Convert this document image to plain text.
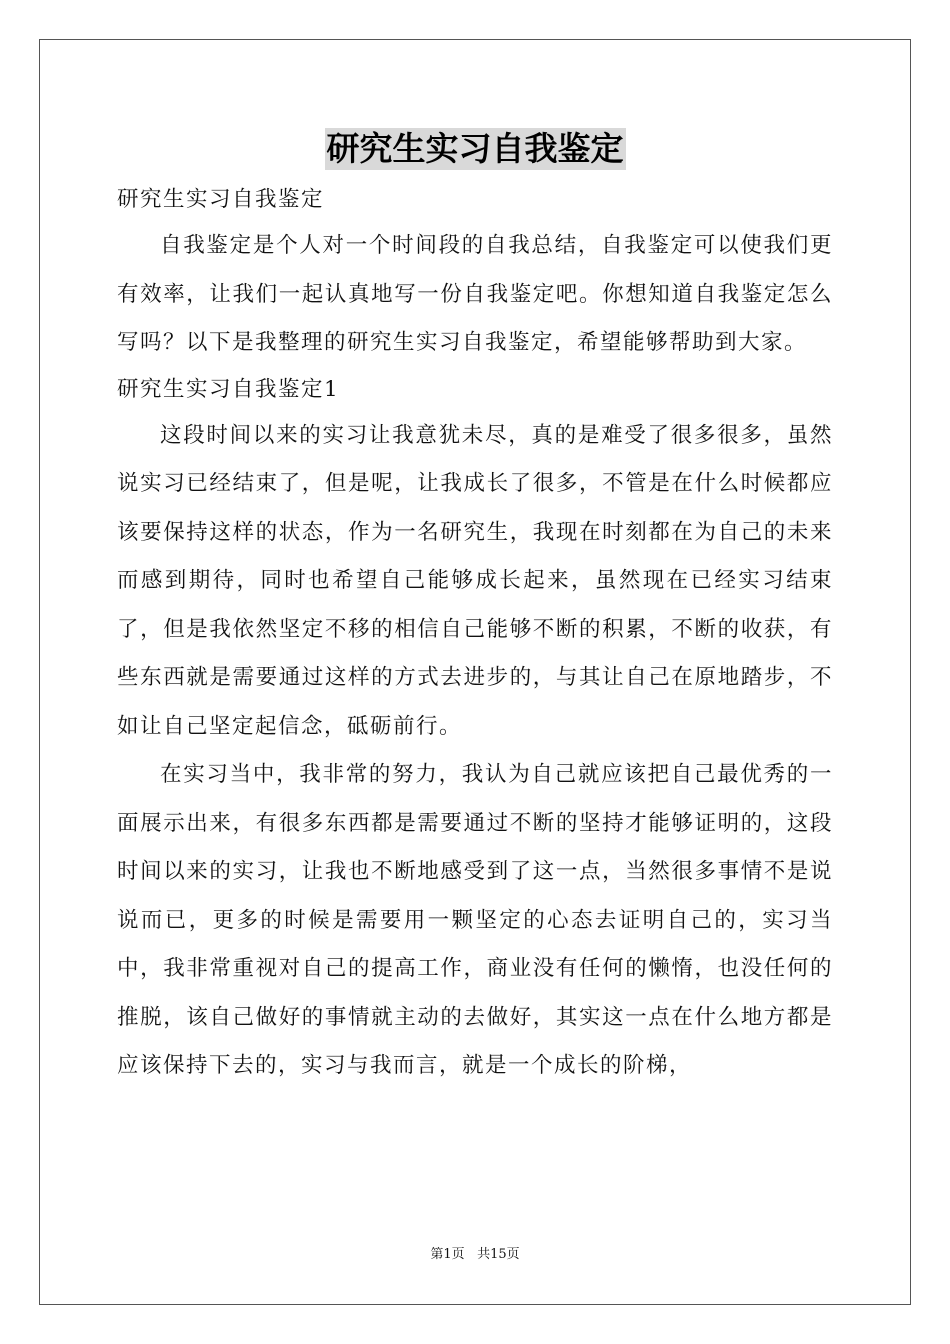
研究生实习自我鉴定

研究生实习自我鉴定

自我鉴定是个人对一个时间段的自我总结，自我鉴定可以使我们更有效率，让我们一起认真地写一份自我鉴定吧。你想知道自我鉴定怎么写吗？以下是我整理的研究生实习自我鉴定，希望能够帮助到大家。

研究生实习自我鉴定1

这段时间以来的实习让我意犹未尽，真的是难受了很多很多，虽然说实习已经结束了，但是呢，让我成长了很多，不管是在什么时候都应该要保持这样的状态，作为一名研究生，我现在时刻都在为自己的未来而感到期待，同时也希望自己能够成长起来，虽然现在已经实习结束了，但是我依然坚定不移的相信自己能够不断的积累，不断的收获，有些东西就是需要通过这样的方式去进步的，与其让自己在原地踏步，不如让自己坚定起信念，砥砺前行。

在实习当中，我非常的努力，我认为自己就应该把自己最优秀的一面展示出来，有很多东西都是需要通过不断的坚持才能够证明的，这段时间以来的实习，让我也不断地感受到了这一点，当然很多事情不是说说而已，更多的时候是需要用一颗坚定的心态去证明自己的，实习当中，我非常重视对自己的提高工作，商业没有任何的懒惰，也没任何的推脱，该自己做好的事情就主动的去做好，其实这一点在什么地方都是应该保持下去的，实习与我而言，就是一个成长的阶梯，

第1页 共15页
